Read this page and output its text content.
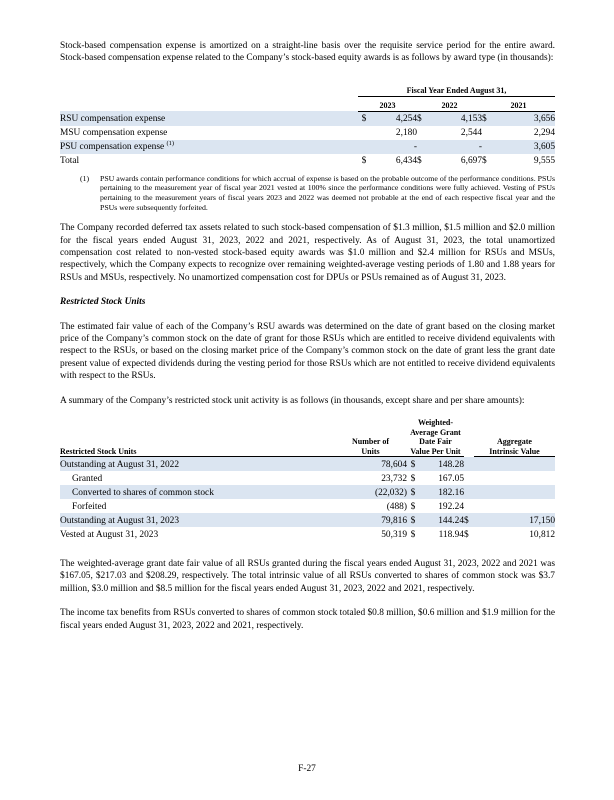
Stock-based compensation expense is amortized on a straight-line basis over the requisite service period for the entire award. Stock-based compensation expense related to the Company’s stock-based equity awards is as follows by award type (in thousands):

	Fiscal Year Ended August 31,					
	2023		2022		2021	
RSU compensation expense	$	4,254	$	4,153	$	3,656
MSU compensation expense		2,180		2,544		2,294
PSU compensation expense $^{(1)}$		-		-		3,605
Total	$	6,434	$	6,697	$	9,555
(1)	PSU awards contain performance conditions for which accrual of expense is based on the probable outcome of the performance conditions. PSUs pertaining to the measurement year of fiscal year 2021 vested at 100% since the performance conditions were fully achieved. Vesting of PSUs pertaining to the measurement years of fiscal years 2023 and 2022 was deemed not probable at the end of each respective fiscal year and the PSUs were subsequently forfeited.

The Company recorded deferred tax assets related to such stock-based compensation of $1.3 million, $1.5 million and $2.0 million for the fiscal years ended August 31, 2023, 2022 and 2021, respectively. As of August 31, 2023, the total unamortized compensation cost related to non-vested stock-based equity awards was $1.0 million and $2.4 million for RSUs and MSUs, respectively, which the Company expects to recognize over remaining weighted-average vesting periods of 1.80 and 1.88 years for RSUs and MSUs, respectively. No unamortized compensation cost for DPUs or PSUs remained as of August 31, 2023.

Restricted Stock Units

The estimated fair value of each of the Company’s RSU awards was determined on the date of grant based on the closing market price of the Company’s common stock on the date of grant for those RSUs which are entitled to receive dividend equivalents with respect to the RSUs, or based on the closing market price of the Company’s common stock on the date of grant less the grant date present value of expected dividends during the vesting period for those RSUs which are not entitled to receive dividend equivalents with respect to the RSUs.

A summary of the Company’s restricted stock unit activity is as follows (in thousands, except share and per share amounts):

Restricted Stock Units	Number of Units	Weighted-Average Grant Date Fair Value Per Unit			Aggregate Intrinsic Value
Outstanding at August 31, 2022	78,604	$	148.28		
Granted	23,732	$	167.05		
Converted to shares of common stock	(22,032)	$	182.16		
Forfeited	(488)	$	192.24		
Outstanding at August 31, 2023	79,816	$	144.24	$	17,150
Vested at August 31, 2023	50,319	$	118.94	$	10,812

The weighted-average grant date fair value of all RSUs granted during the fiscal years ended August 31, 2023, 2022 and 2021 was $167.05, $217.03 and $208.29, respectively. The total intrinsic value of all RSUs converted to shares of common stock was $3.7 million, $3.0 million and $8.5 million for the fiscal years ended August 31, 2023, 2022 and 2021, respectively.

The income tax benefits from RSUs converted to shares of common stock totaled $0.8 million, $0.6 million and $1.9 million for the fiscal years ended August 31, 2023, 2022 and 2021, respectively.

F-27
